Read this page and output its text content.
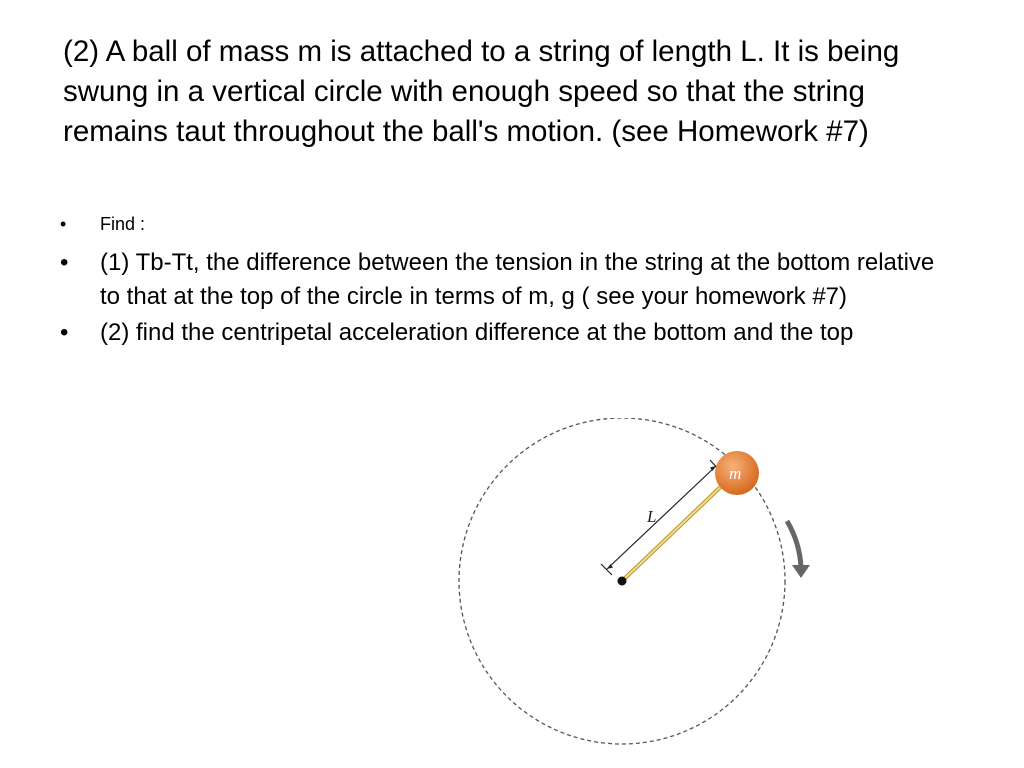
(2) A ball of mass m is attached to a string of length L. It is being swung in a vertical circle with enough speed so that the string remains taut throughout the ball's motion. (see Homework #7)
• Find :
• (1) Tb-Tt, the difference between the tension in the string at the bottom relative to that at the top of the circle in terms of m, g ( see your homework #7)
• (2) find the centripetal acceleration difference at the bottom and the top
L
m
